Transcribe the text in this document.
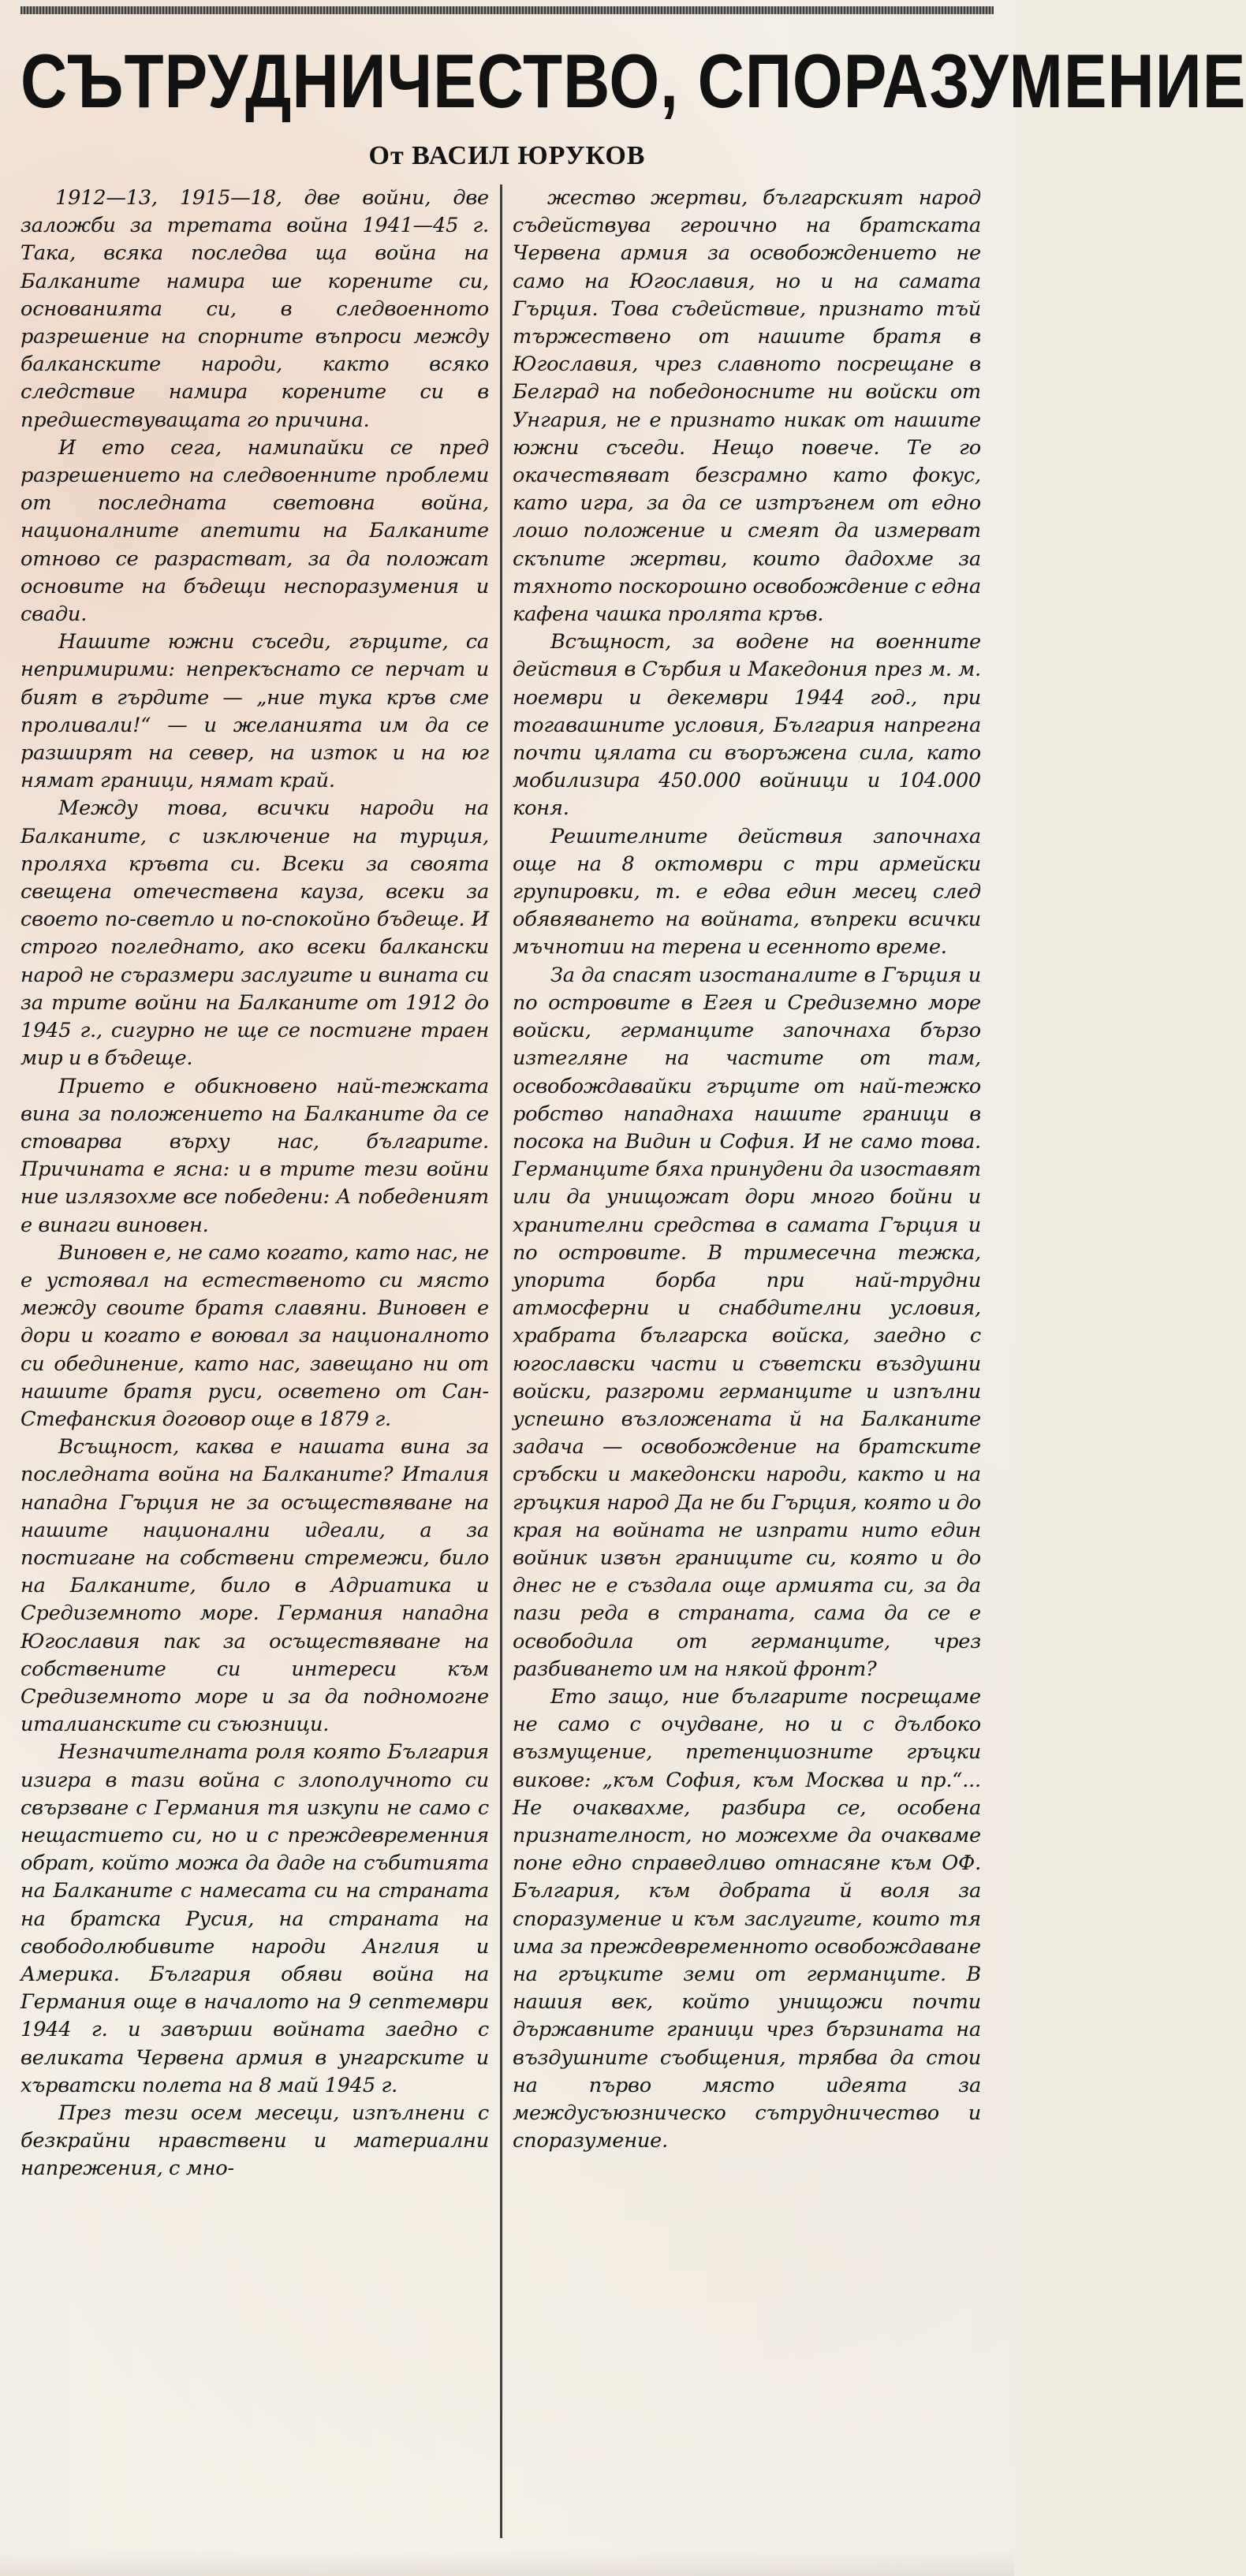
СЪТРУДНИЧЕСТВО, СПОРАЗУМЕНИЕ
От ВАСИЛ ЮРУКОВ

1912—13, 1915—18, две войни, две заложби за третата война 1941—45 г. Така, всяка последва ща война на Балканите намира ше корените си, основанията си, в следвоенното разрешение на спорните въпроси между балканските народи, както всяко следствие намира корените си в предшествуващата го причина.

И ето сега, намипайки се пред разрешението на следвоенните проблеми от последната световна война, националните апетити на Балканите отново се разрастват, за да положат основите на бъдещи неспоразумения и свади.

Нашите южни съседи, гърците, са непримирими: непрекъснато се перчат и бият в гърдите — „ние тука кръв сме проливали!“ — и желанията им да се разширят на север, на изток и на юг нямат граници, нямат край.

Между това, всички народи на Балканите, с изключение на турция, проляха кръвта си. Всеки за своята свещена отечествена кауза, всеки за своето по-светло и по-спокойно бъдеще. И строго погледнато, ако всеки балкански народ не съразмери заслугите и вината си за трите войни на Балканите от 1912 до 1945 г., сигурно не ще се постигне траен мир и в бъдеще.

Прието е обикновено най-тежката вина за положението на Балканите да се стоварва върху нас, българите. Причината е ясна: и в трите тези войни ние излязохме все победени: А победеният е винаги виновен.

Виновен е, не само когато, като нас, не е устоявал на естественото си място между своите братя славяни. Виновен е дори и когато е воювал за националното си обединение, като нас, завещано ни от нашите братя руси, осветено от Сан-Стефанския договор още в 1879 г.

Всъщност, каква е нашата вина за последната война на Балканите? Италия нападна Гърция не за осъществяване на нашите национални идеали, а за постигане на собствени стремежи, било на Балканите, било в Адриатика и Средиземното море. Германия нападна Югославия пак за осъществяване на собствените си интереси към Средиземното море и за да подномогне италианските си съюзници.

Незначителната роля която България изигра в тази война с злополучното си свързване с Германия тя изкупи не само с нещастието си, но и с преждевременния обрат, който можа да даде на събитията на Балканите с намесата си на страната на братска Русия, на страната на свободолюбивите народи Англия и Америка. България обяви война на Германия още в началото на 9 септември 1944 г. и завърши войната заедно с великата Червена армия в унгарските и хърватски полета на 8 май 1945 г.

През тези осем месеци, изпълнени с безкрайни нравствени и материални напрежения, с мно-

жество жертви, българският народ съдействува героично на братската Червена армия за освобождението не само на Югославия, но и на самата Гърция. Това съдействие, признато тъй тържествено от нашите братя в Югославия, чрез славното посрещане в Белград на победоносните ни войски от Унгария, не е признато никак от нашите южни съседи. Нещо повече. Те го окачествяват безсрамно като фокус, като игра, за да се изтръгнем от едно лошо положение и смеят да измерват скъпите жертви, които дадохме за тяхното поскорошно освобождение с една кафена чашка пролята кръв.

Всъщност, за водене на военните действия в Сърбия и Македония през м. м. ноември и декември 1944 год., при тогавашните условия, България напрегна почти цялата си въоръжена сила, като мобилизира 450.000 войници и 104.000 коня.

Решителните действия започнаха още на 8 октомври с три армейски групировки, т. е едва един месец след обявяването на войната, въпреки всички мъчнотии на терена и есенното време.

За да спасят изостаналите в Гърция и по островите в Егея и Средиземно море войски, германците започнаха бързо изтегляне на частите от там, освобождавайки гърците от най-тежко робство нападнаха нашите граници в посока на Видин и София. И не само това. Германците бяха принудени да изоставят или да унищожат дори много бойни и хранителни средства в самата Гърция и по островите. В тримесечна тежка, упорита борба при най-трудни атмосферни и снабдителни условия, храбрата българска войска, заедно с югославски части и съветски въздушни войски, разгроми германците и изпълни успешно възложената й на Балканите задача — освобождение на братските сръбски и македонски народи, както и на гръцкия народ Да не би Гърция, която и до края на войната не изпрати нито един войник извън границите си, която и до днес не е създала още армията си, за да пази реда в страната, сама да се е освободила от германците, чрез разбиването им на някой фронт?

Ето защо, ние българите посрещаме не само с очудване, но и с дълбоко възмущение, претенциозните гръцки викове: „към София, към Москва и пр.“... Не очаквахме, разбира се, особена признателност, но можехме да очакваме поне едно справедливо отнасяне към ОФ. България, към добрата й воля за споразумение и към заслугите, които тя има за преждевременното освобождаване на гръцките земи от германците. В нашия век, който унищожи почти държавните граници чрез бързината на въздушните съобщения, трябва да стои на първо място идеята за междусъюзническо сътрудничество и споразумение.
